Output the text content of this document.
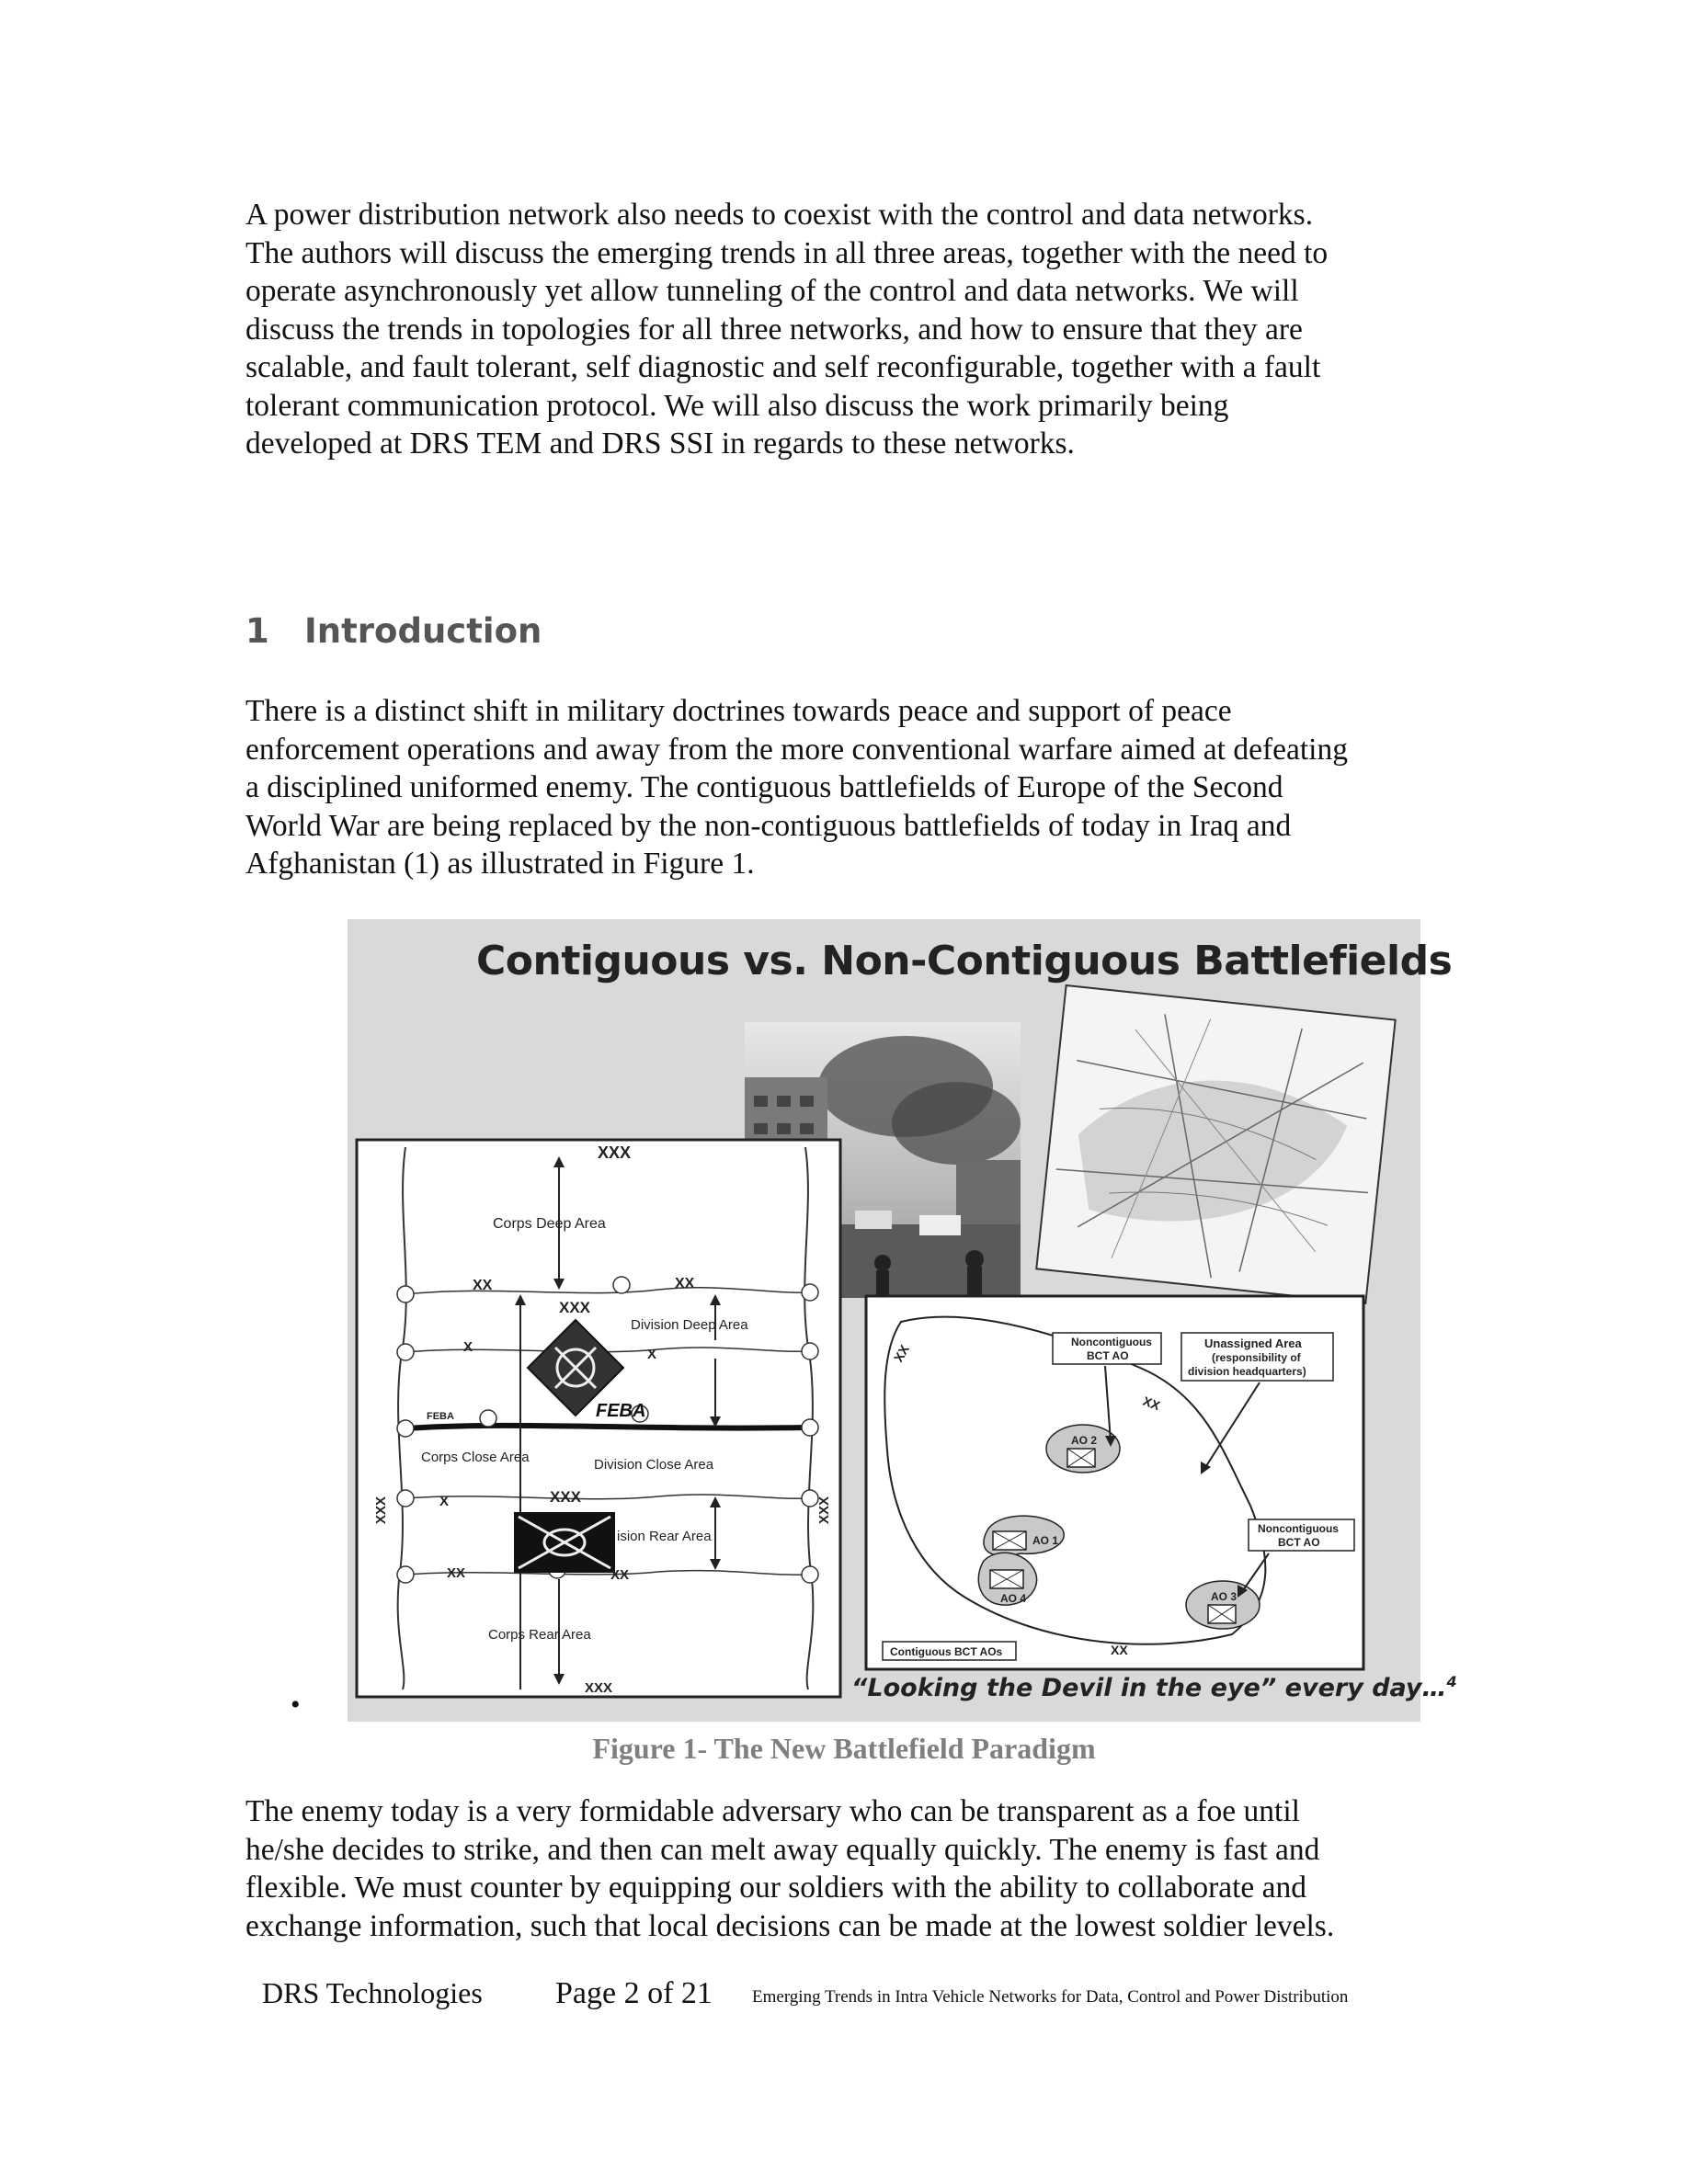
A power distribution network also needs to coexist with the control and data networks.
The authors will discuss the emerging trends in all three areas, together with the need to
operate asynchronously yet allow tunneling of the control and data networks. We will
discuss the trends in topologies for all three networks, and how to ensure that they are
scalable, and fault tolerant, self diagnostic and self reconfigurable, together with a fault
tolerant communication protocol. We will also discuss the work primarily being
developed at DRS TEM and DRS SSI in regards to these networks.

1 Introduction

There is a distinct shift in military doctrines towards peace and support of peace
enforcement operations and away from the more conventional warfare aimed at defeating
a disciplined uniformed enemy. The contiguous battlefields of Europe of the Second
World War are being replaced by the non-contiguous battlefields of today in Iraq and
Afghanistan (1) as illustrated in Figure 1.

Contiguous vs. Non-Contiguous Battlefields
XXX
Corps Deep Area
XX	XX
XXX
Division Deep Area
X	X
FEBA	FEBA
XXX	XXX
Corps Close Area	Division Close Area
XXX
X
ision Rear Area
XX	XX
Corps Rear Area
XXX
Noncontiguous
BCT AO
Unassigned Area
(responsibility of
division headquarters)
XX
XX
AO 2
AO 1
AO 4	AO 3
Noncontiguous
BCT AO
Contiguous BCT AOs	XX
“Looking the Devil in the eye” every day…$^4$
•
Figure 1- The New Battlefield Paradigm

The enemy today is a very formidable adversary who can be transparent as a foe until
he/she decides to strike, and then can melt away equally quickly. The enemy is fast and
flexible. We must counter by equipping our soldiers with the ability to collaborate and
exchange information, such that local decisions can be made at the lowest soldier levels.

DRS Technologies Page 2 of 21 Emerging Trends in Intra Vehicle Networks for Data, Control and Power Distribution
